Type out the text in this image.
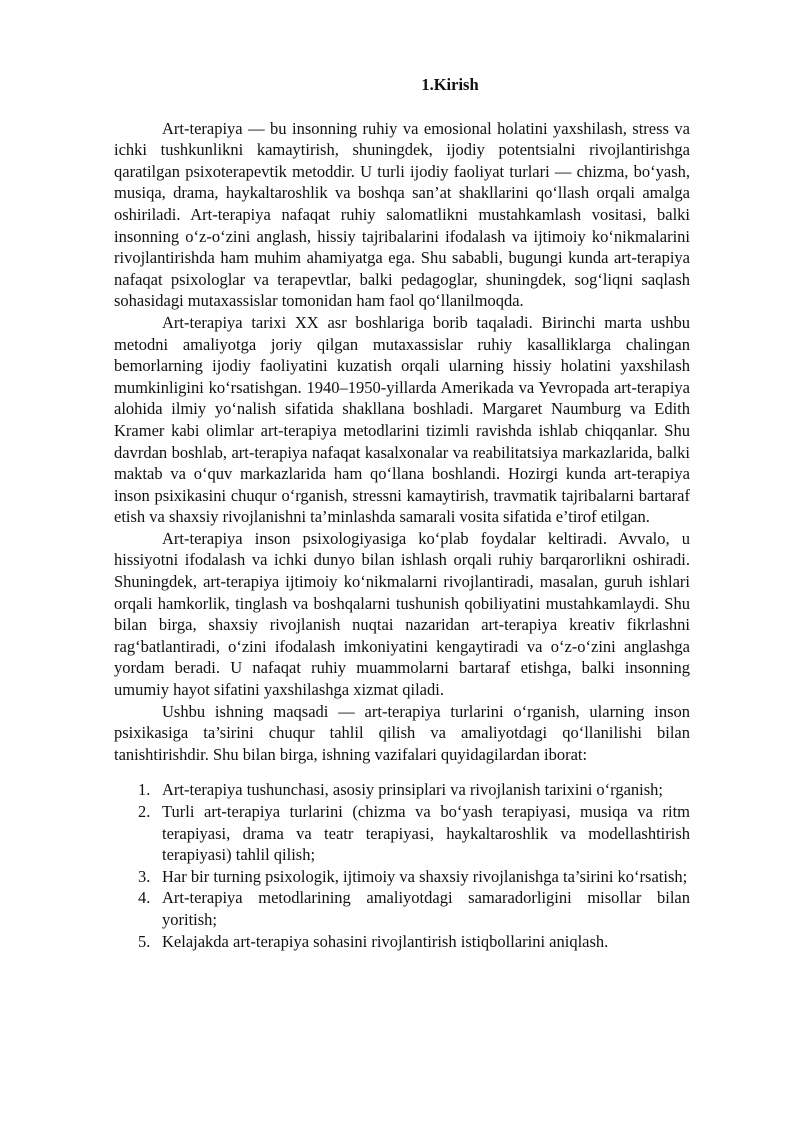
1.Kirish

Art-terapiya — bu insonning ruhiy va emosional holatini yaxshilash, stress va ichki tushkunlikni kamaytirish, shuningdek, ijodiy potentsialni rivojlantirishga qaratilgan psixoterapevtik metoddir. U turli ijodiy faoliyat turlari — chizma, bo‘yash, musiqa, drama, haykaltaroshlik va boshqa san’at shakllarini qo‘llash orqali amalga oshiriladi. Art-terapiya nafaqat ruhiy salomatlikni mustahkamlash vositasi, balki insonning o‘z-o‘zini anglash, hissiy tajribalarini ifodalash va ijtimoiy ko‘nikmalarini rivojlantirishda ham muhim ahamiyatga ega. Shu sababli, bugungi kunda art-terapiya nafaqat psixologlar va terapevtlar, balki pedagoglar, shuningdek, sog‘liqni saqlash sohasidagi mutaxassislar tomonidan ham faol qo‘llanilmoqda.

Art-terapiya tarixi XX asr boshlariga borib taqaladi. Birinchi marta ushbu metodni amaliyotga joriy qilgan mutaxassislar ruhiy kasalliklarga chalingan bemorlarning ijodiy faoliyatini kuzatish orqali ularning hissiy holatini yaxshilash mumkinligini ko‘rsatishgan. 1940–1950-yillarda Amerikada va Yevropada art-terapiya alohida ilmiy yo‘nalish sifatida shakllana boshladi. Margaret Naumburg va Edith Kramer kabi olimlar art-terapiya metodlarini tizimli ravishda ishlab chiqqanlar. Shu davrdan boshlab, art-terapiya nafaqat kasalxonalar va reabilitatsiya markazlarida, balki maktab va o‘quv markazlarida ham qo‘llana boshlandi. Hozirgi kunda art-terapiya inson psixikasini chuqur o‘rganish, stressni kamaytirish, travmatik tajribalarni bartaraf etish va shaxsiy rivojlanishni ta’minlashda samarali vosita sifatida e’tirof etilgan.

Art-terapiya inson psixologiyasiga ko‘plab foydalar keltiradi. Avvalo, u hissiyotni ifodalash va ichki dunyo bilan ishlash orqali ruhiy barqarorlikni oshiradi. Shuningdek, art-terapiya ijtimoiy ko‘nikmalarni rivojlantiradi, masalan, guruh ishlari orqali hamkorlik, tinglash va boshqalarni tushunish qobiliyatini mustahkamlaydi. Shu bilan birga, shaxsiy rivojlanish nuqtai nazaridan art-terapiya kreativ fikrlashni rag‘batlantiradi, o‘zini ifodalash imkoniyatini kengaytiradi va o‘z-o‘zini anglashga yordam beradi. U nafaqat ruhiy muammolarni bartaraf etishga, balki insonning umumiy hayot sifatini yaxshilashga xizmat qiladi.

Ushbu ishning maqsadi — art-terapiya turlarini o‘rganish, ularning inson psixikasiga ta’sirini chuqur tahlil qilish va amaliyotdagi qo‘llanilishi bilan tanishtirishdir. Shu bilan birga, ishning vazifalari quyidagilardan iborat:

1. Art-terapiya tushunchasi, asosiy prinsiplari va rivojlanish tarixini o‘rganish;
2. Turli art-terapiya turlarini (chizma va bo‘yash terapiyasi, musiqa va ritm terapiyasi, drama va teatr terapiyasi, haykaltaroshlik va modellashtirish terapiyasi) tahlil qilish;
3. Har bir turning psixologik, ijtimoiy va shaxsiy rivojlanishga ta’sirini ko‘rsatish;
4. Art-terapiya metodlarining amaliyotdagi samaradorligini misollar bilan yoritish;
5. Kelajakda art-terapiya sohasini rivojlantirish istiqbollarini aniqlash.
